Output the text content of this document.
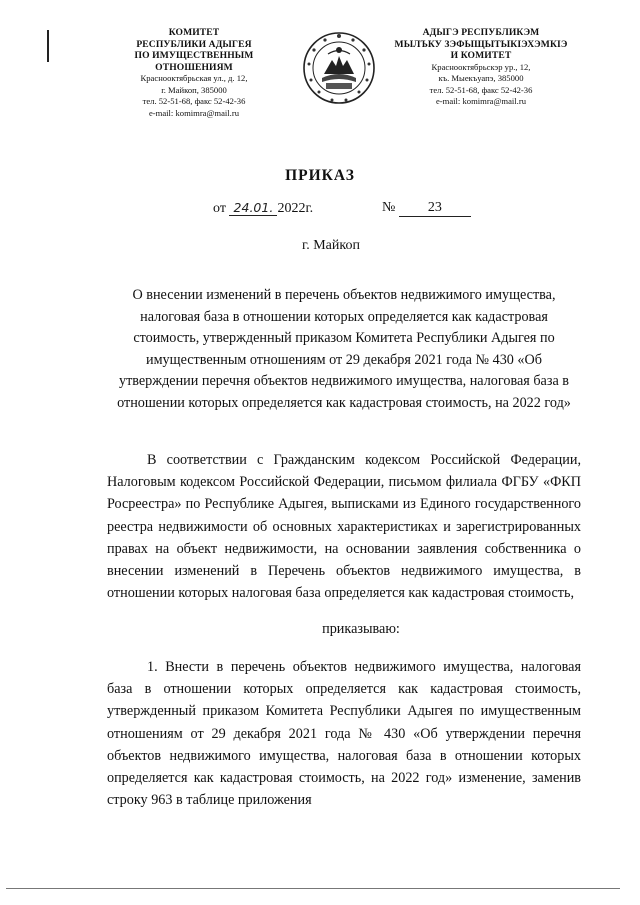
КОМИТЕТ
РЕСПУБЛИКИ АДЫГЕЯ
ПО ИМУЩЕСТВЕННЫМ ОТНОШЕНИЯМ
Краснооктябрьская ул., д. 12,
г. Майкоп, 385000
тел. 52-51-68, факс 52-42-36
e-mail: komimra@mail.ru
АДЫГЭ РЕСПУБЛИКЭМ
МЫЛЪКУ ЗЭФЫЩЫТЫКIЭХЭМКIЭ
И КОМИТЕТ
Краснооктябрьскэр ур., 12,
къ. Мыекъуапэ, 385000
тел. 52-51-68, факс 52-42-36
e-mail: komimra@mail.ru
ПРИКАЗ
от 24.01. 2022г.	№ 23
г. Майкоп
О внесении изменений в перечень объектов недвижимого имущества, налоговая база в отношении которых определяется как кадастровая стоимость, утвержденный приказом Комитета Республики Адыгея по имущественным отношениям от 29 декабря 2021 года № 430 «Об утверждении перечня объектов недвижимого имущества, налоговая база в отношении которых определяется как кадастровая стоимость, на 2022 год»
В соответствии с Гражданским кодексом Российской Федерации, Налоговым кодексом Российской Федерации, письмом филиала ФГБУ «ФКП Росреестра» по Республике Адыгея, выписками из Единого государственного реестра недвижимости об основных характеристиках и зарегистрированных правах на объект недвижимости, на основании заявления собственника о внесении изменений в Перечень объектов недвижимого имущества, в отношении которых налоговая база определяется как кадастровая стоимость,
приказываю:
1. Внести в перечень объектов недвижимого имущества, налоговая база в отношении которых определяется как кадастровая стоимость, утвержденный приказом Комитета Республики Адыгея по имущественным отношениям от 29 декабря 2021 года № 430 «Об утверждении перечня объектов недвижимого имущества, налоговая база в отношении которых определяется как кадастровая стоимость, на 2022 год» изменение, заменив строку 963 в таблице приложения
